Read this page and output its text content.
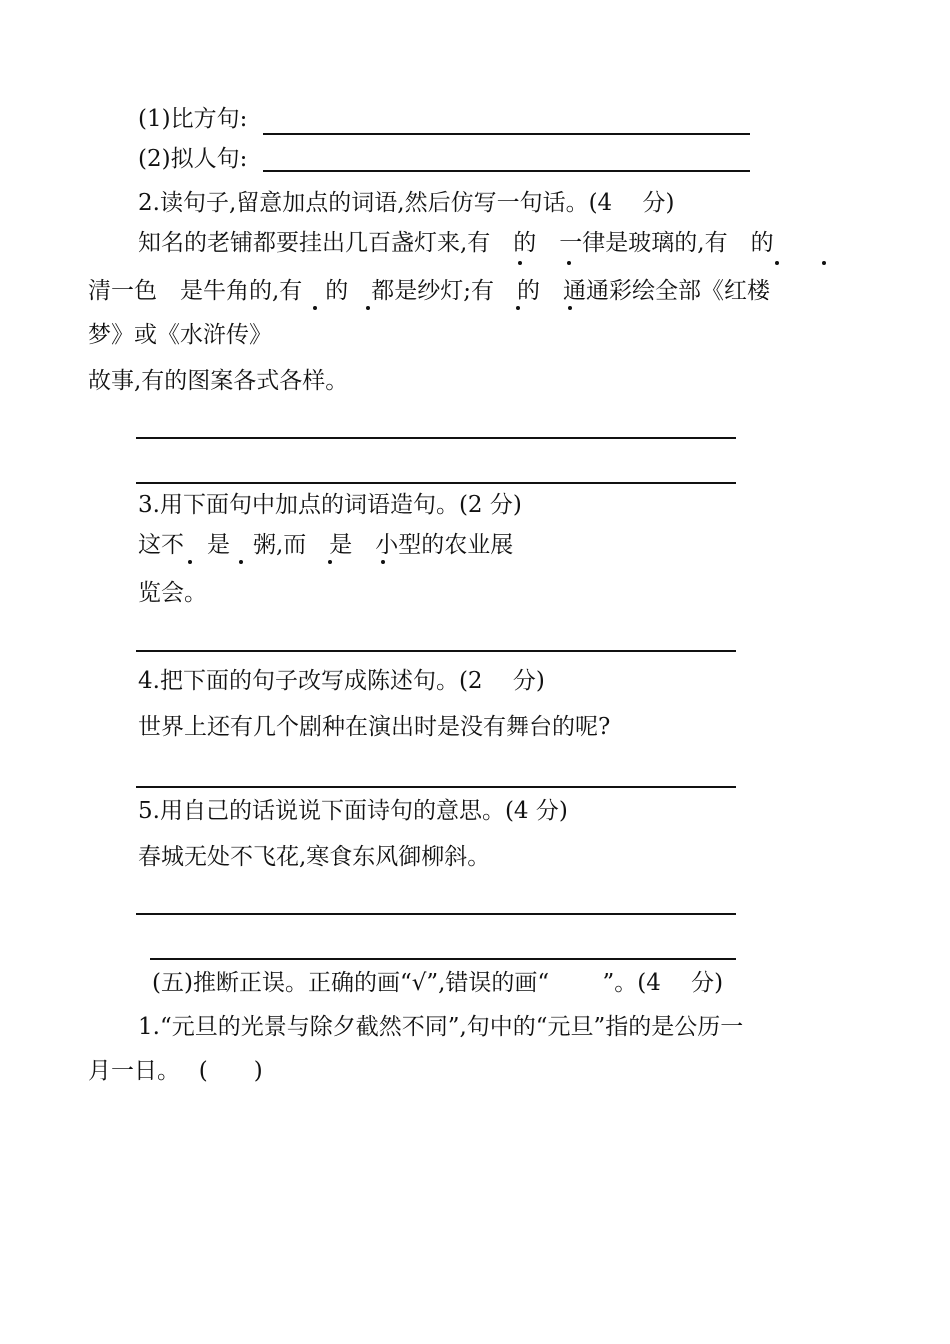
(1)比方句:
(2)拟人句:
2.读句子,留意加点的词语,然后仿写一句话。(4　 分)
知名的老铺都要挂出几百盏灯来,有　的　一律是玻璃的,有　的
清一色　是牛角的,有　的　都是纱灯;有　的　通通彩绘全部《红楼
梦》或《水浒传》
故事,有的图案各式各样。
3.用下面句中加点的词语造句。(2 分)
这不　是　粥,而　是　小型的农业展
览会。
4.把下面的句子改写成陈述句。(2　 分)
世界上还有几个剧种在演出时是没有舞台的呢?
5.用自己的话说说下面诗句的意思。(4 分)
春城无处不飞花,寒食东风御柳斜。
(五)推断正误。正确的画“√”,错误的画“　　 ”。(4　 分)
1.“元旦的光景与除夕截然不同”,句中的“元旦”指的是公历一
月一日。　 (　　)
